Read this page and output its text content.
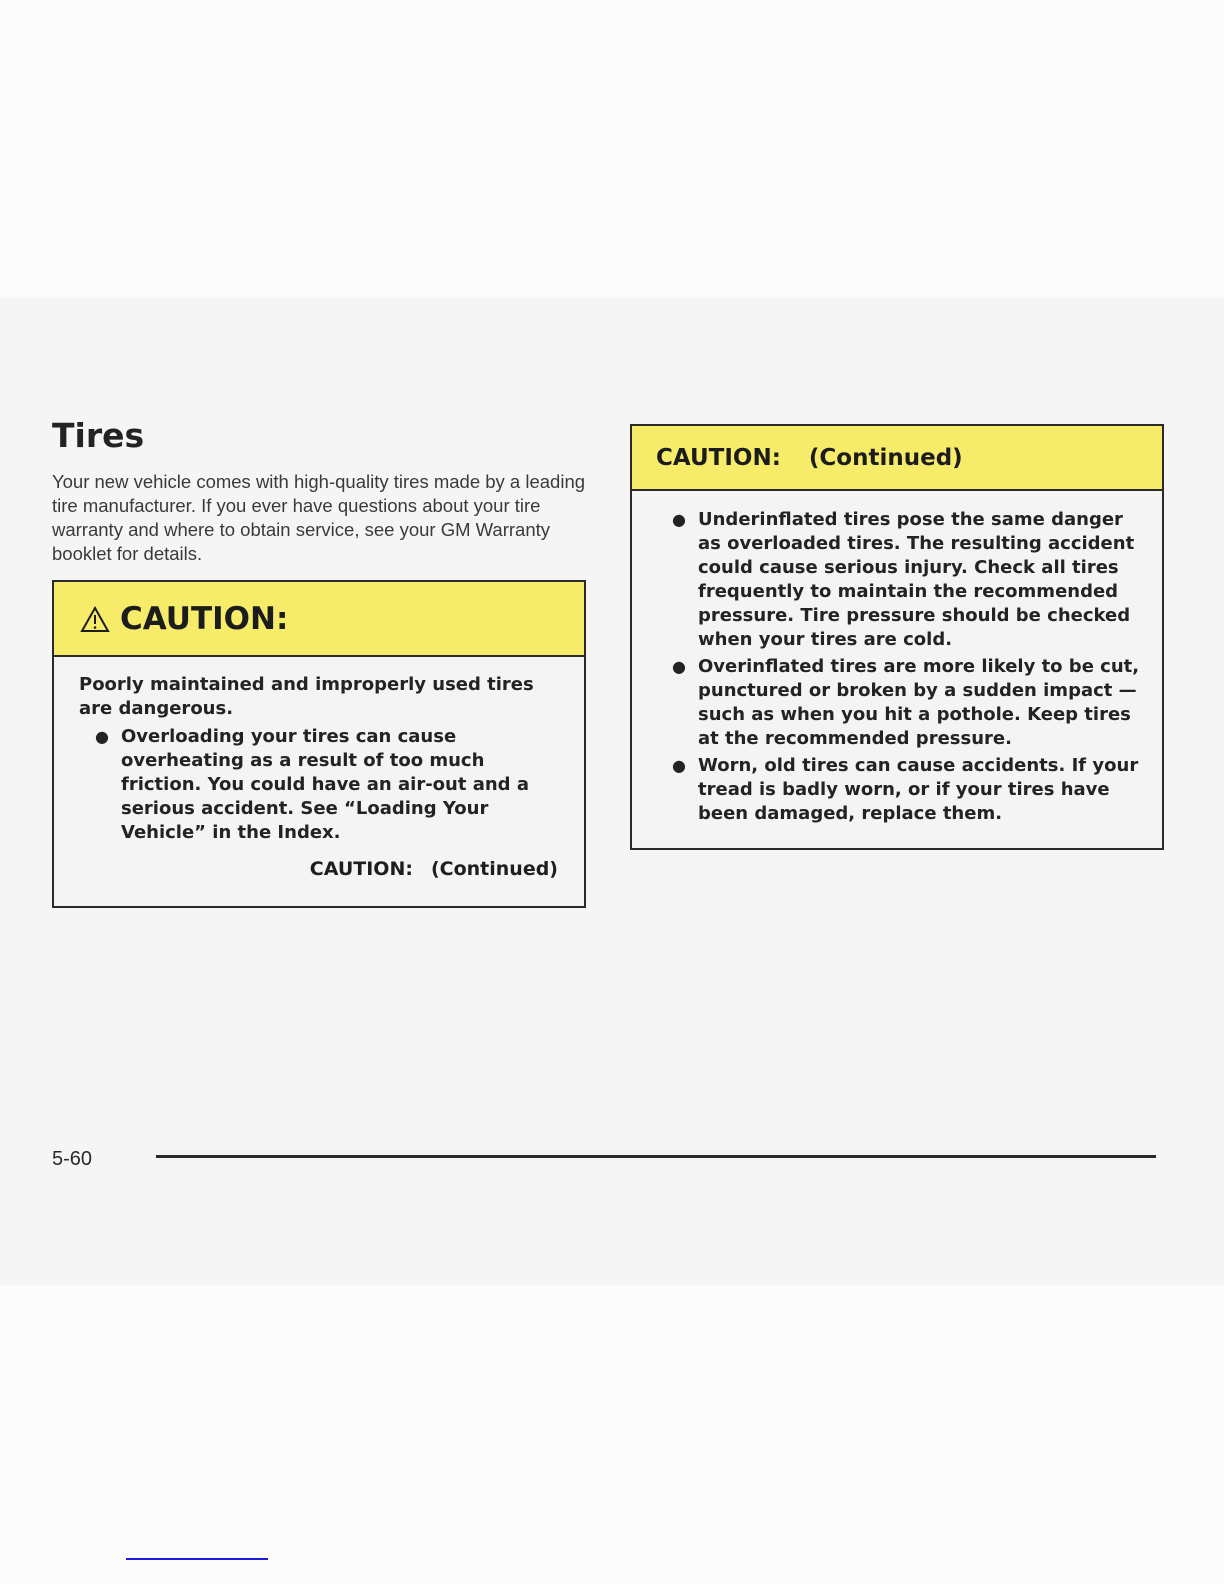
Tires

Your new vehicle comes with high-quality tires made by a leading tire manufacturer. If you ever have questions about your tire warranty and where to obtain service, see your GM Warranty booklet for details.

CAUTION:

Poorly maintained and improperly used tires are dangerous.

● Overloading your tires can cause overheating as a result of too much friction. You could have an air-out and a serious accident. See “Loading Your Vehicle” in the Index.
CAUTION: (Continued)
CAUTION: (Continued)
● Underinflated tires pose the same danger as overloaded tires. The resulting accident could cause serious injury. Check all tires frequently to maintain the recommended pressure. Tire pressure should be checked when your tires are cold.
● Overinflated tires are more likely to be cut, punctured or broken by a sudden impact — such as when you hit a pothole. Keep tires at the recommended pressure.
● Worn, old tires can cause accidents. If your tread is badly worn, or if your tires have been damaged, replace them.
5-60
